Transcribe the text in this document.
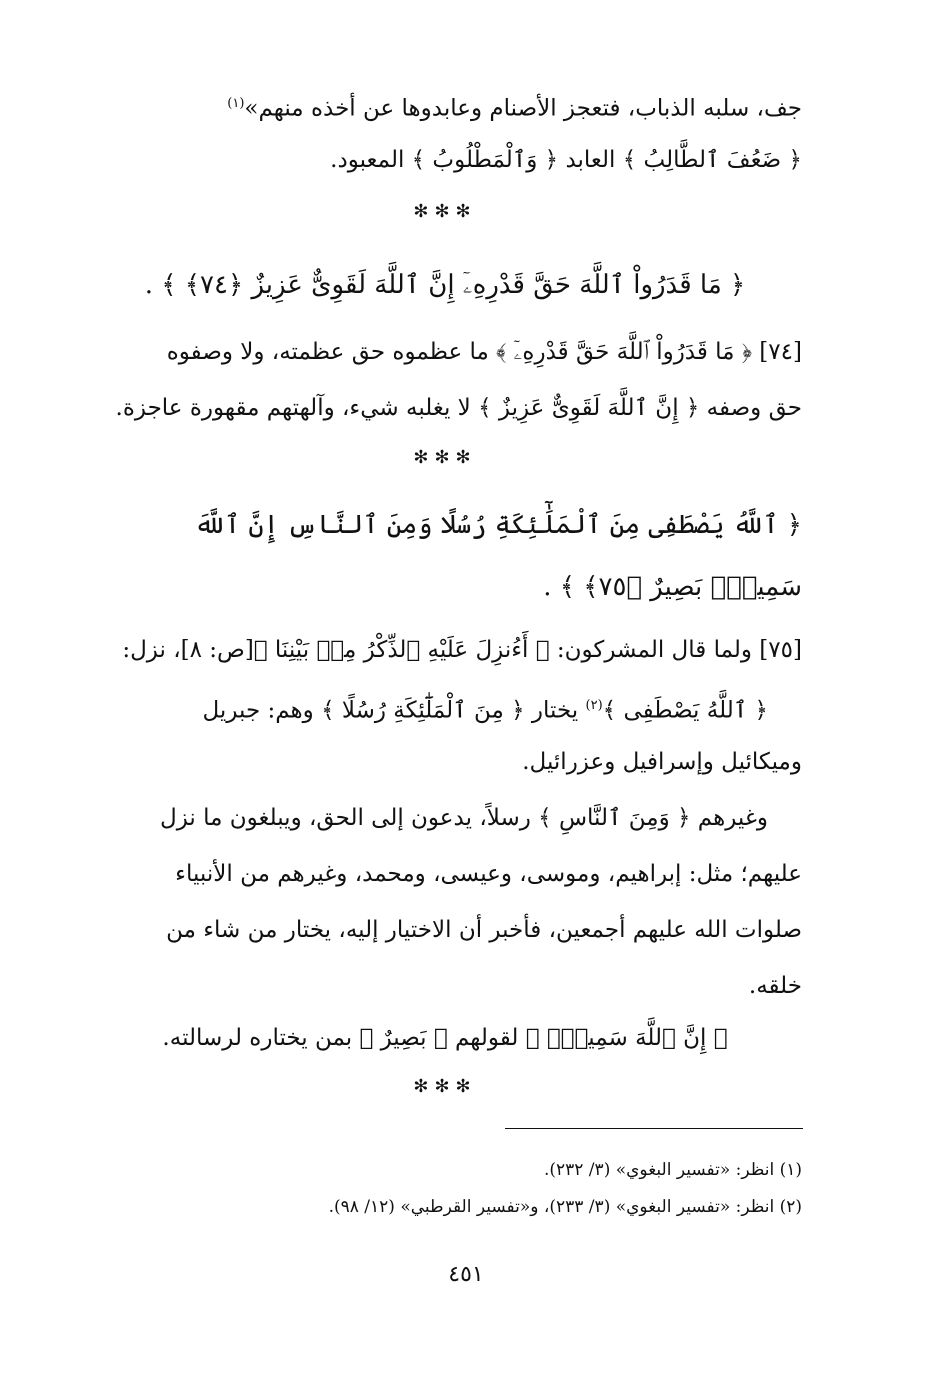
جف، سلبه الذباب، فتعجز الأصنام وعابدوها عن أخذه منهم»$^{(١)}$
﴿ ضَعُفَ ٱلطَّالِبُ ﴾ العابد ﴿ وَٱلْمَطْلُوبُ ﴾ المعبود.
✻✻✻
﴿ مَا قَدَرُواْ ٱللَّهَ حَقَّ قَدْرِهِۦٓ إِنَّ ٱللَّهَ لَقَوِىٌّ عَزِيزٌ ﴿٧٤﴾ ﴾ .
[٧٤] ﴿ مَا قَدَرُواْ ٱللَّهَ حَقَّ قَدْرِهِۦٓ ﴾ ما عظموه حق عظمته، ولا وصفوه
حق وصفه ﴿ إِنَّ ٱللَّهَ لَقَوِىٌّ عَزِيزٌ ﴾ لا يغلبه شيء، وآلهتهم مقهورة عاجزة.
✻✻✻
﴿ ٱللَّهُ يَصْطَفِى مِنَ ٱلْمَلَٰٓئِكَةِ رُسُلًا وَمِنَ ٱلنَّاسِ إِنَّ ٱللَّهَ
سَمِيعٌۢ بَصِيرٌ ﴿٧٥﴾ ﴾ .
[٧٥] ولما قال المشركون: ﴿ أَءُنزِلَ عَلَيْهِ ٱلذِّكْرُ مِنۢ بَيْنِنَا ﴾[ص: ٨]، نزل:
﴿ ٱللَّهُ يَصْطَفِى ﴾$^{(٢)}$ يختار ﴿ مِنَ ٱلْمَلَٰٓئِكَةِ رُسُلًا ﴾ وهم: جبريل
وميكائيل وإسرافيل وعزرائيل.
وغيرهم ﴿ وَمِنَ ٱلنَّاسِ ﴾ رسلاً، يدعون إلى الحق، ويبلغون ما نزل
عليهم؛ مثل: إبراهيم، وموسى، وعيسى، ومحمد، وغيرهم من الأنبياء
صلوات الله عليهم أجمعين، فأخبر أن الاختيار إليه، يختار من شاء من
خلقه.
﴿ إِنَّ ٱللَّهَ سَمِيعٌۢ ﴾ لقولهم ﴿ بَصِيرٌ ﴾ بمن يختاره لرسالته.
✻✻✻
(١) انظر: «تفسير البغوي» (٣/ ٢٣٢).
(٢) انظر: «تفسير البغوي» (٣/ ٢٣٣)، و«تفسير القرطبي» (١٢/ ٩٨).
٤٥١
